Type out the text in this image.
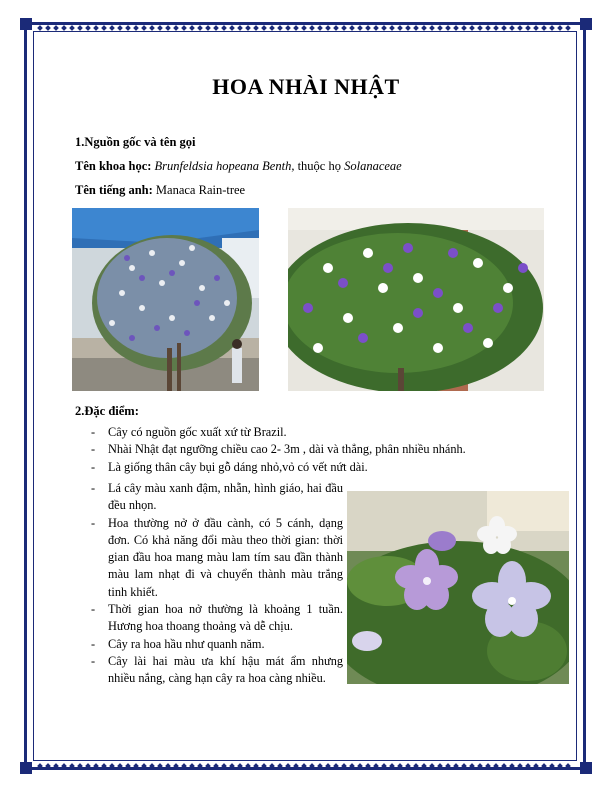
HOA NHÀI NHẬT
1.Nguồn gốc và tên gọi
Tên khoa học: Brunfeldsia hopeana Benth, thuộc họ Solanaceae
Tên tiếng anh: Manaca Rain-tree
2.Đặc điểm:
- Cây có nguồn gốc xuất xứ từ Brazil.
- Nhài Nhật đạt ngưỡng chiều cao 2- 3m , dài và thẳng, phân nhiều nhánh.
- Là giống thân cây bụi gỗ dáng nhỏ,vỏ có vết nứt dài.
- Lá cây màu xanh đậm, nhẵn, hình giáo, hai đầu đều nhọn.
- Hoa thường nở ở đầu cành, có 5 cánh, dạng đơn. Có khả năng đổi màu theo thời gian: thời gian đầu hoa mang màu lam tím sau đần thành màu lam nhạt đi và chuyển thành màu trắng tinh khiết.
- Thời gian hoa nở thường là khoảng 1 tuần. Hương hoa thoang thoảng và dễ chịu.
- Cây ra hoa hầu như quanh năm.
- Cây lài hai màu ưa khí hậu mát ẩm nhưng nhiều nắng, càng hạn cây ra hoa càng nhiều.
